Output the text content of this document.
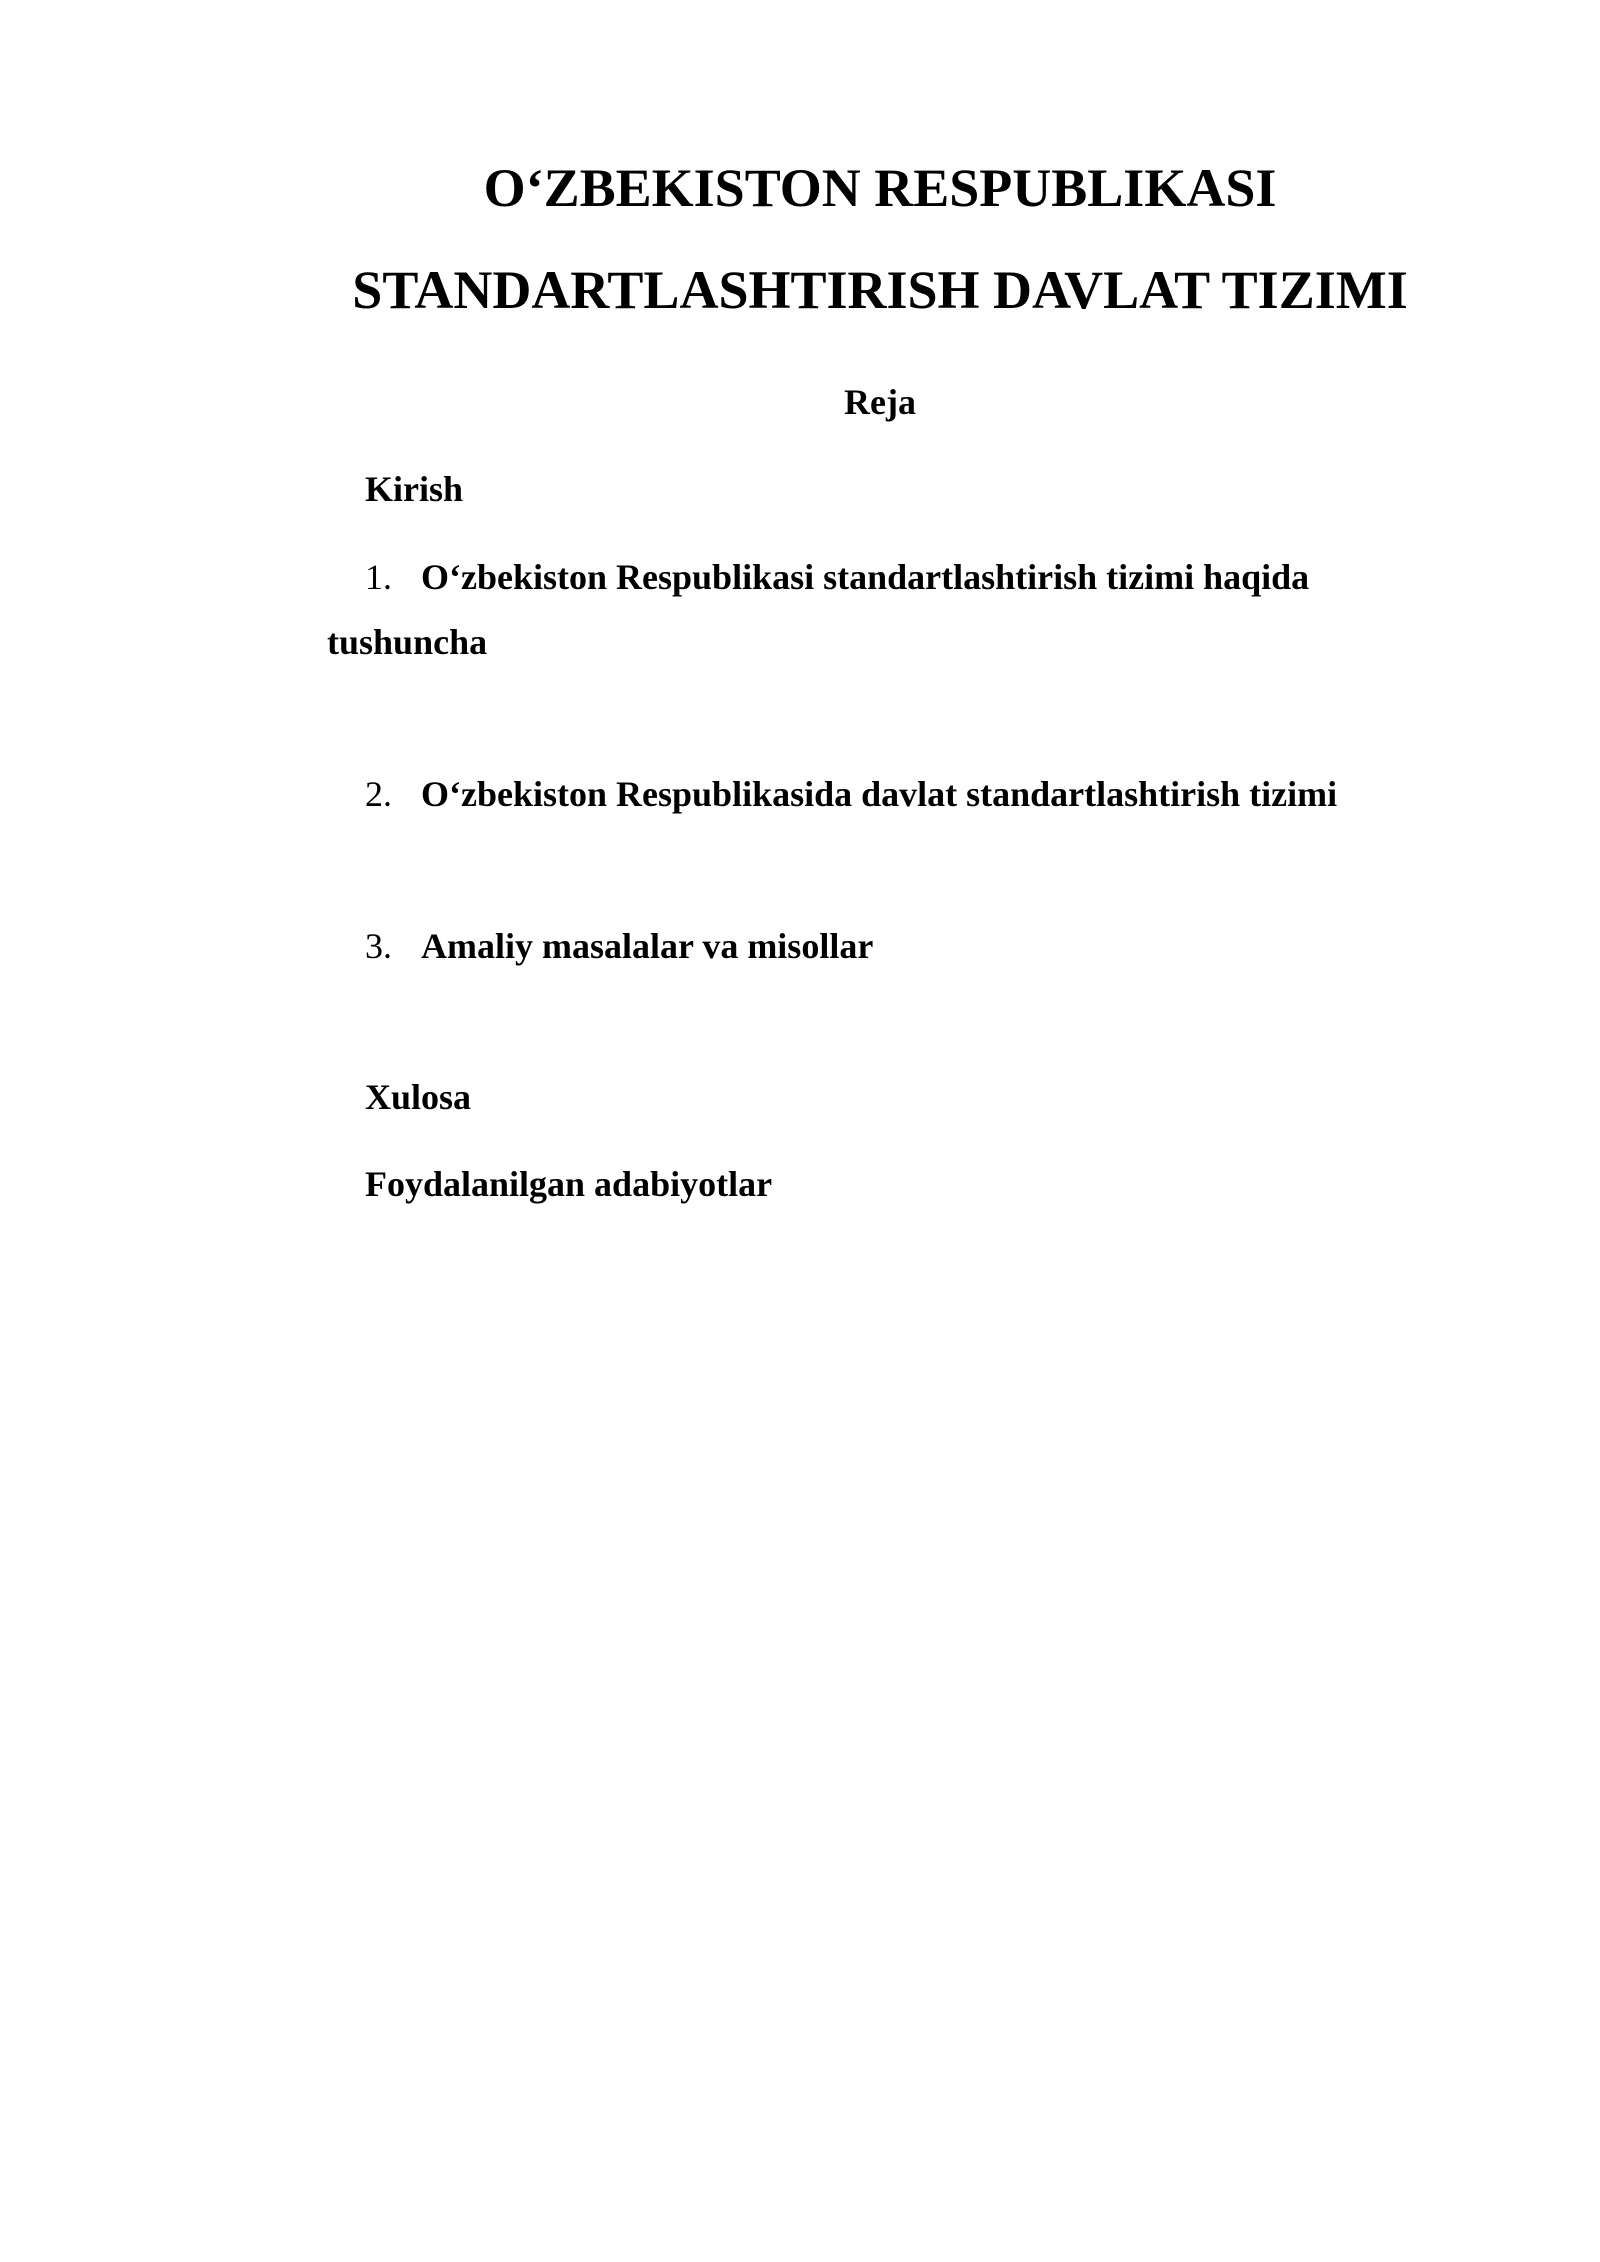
O‘ZBEKISTON RESPUBLIKASI
STANDARTLASHTIRISH DAVLAT TIZIMI
Reja
Kirish
1. O‘zbekiston Respublikasi standartlashtirish tizimi haqida
tushuncha
2. O‘zbekiston Respublikasida davlat standartlashtirish tizimi
3. Amaliy masalalar va misollar
Xulosa
Foydalanilgan adabiyotlar
